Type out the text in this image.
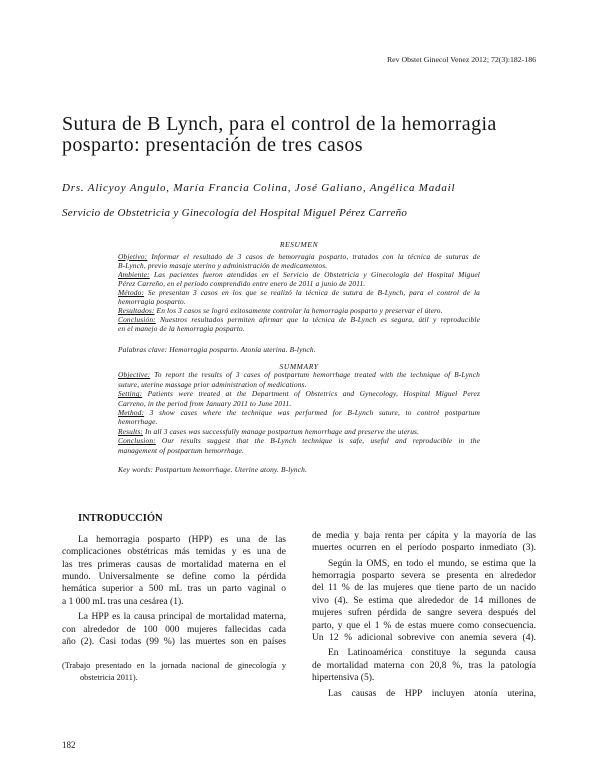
Rev Obstet Ginecol Venez 2012; 72(3):182-186
Sutura de B Lynch, para el control de la hemorragia
posparto: presentación de tres casos
Drs. Alicyoy Angulo, María Francia Colina, José Galiano, Angélica Madail
Servicio de Obstetricia y Ginecología del Hospital Miguel Pérez Carreño
RESUMEN
Objetivo: Informar el resultado de 3 casos de hemorragia posparto, tratados con la técnica de suturas de
B-Lynch, previo masaje uterino y administración de medicamentos.
Ambiente: Las pacientes fueron atendidas en el Servicio de Obstetricia y Ginecología del Hospital Miguel
Pérez Carreño, en el período comprendido entre enero de 2011 a junio de 2011.
Método: Se presentan 3 casos en los que se realizó la técnica de sutura de B-Lynch, para el control de la
hemorragia posparto.
Resultados: En los 3 casos se logró exitosamente controlar la hemorragia posparto y preservar el útero.
Conclusión: Nuestros resultados permiten afirmar que la técnica de B-Lynch es segura, útil y reproducible
en el manejo de la hemorragia posparto.
Palabras clave: Hemorragia posparto. Atonía uterina. B-lynch.
SUMMARY
Objective: To report the results of 3 cases of postpartum hemorrhage treated with the technique of B-Lynch
suture, uterine massage prior administration of medications.
Setting: Patients were treated at the Department of Obstetrics and Gynecology, Hospital Miguel Perez
Carreno, in the period from January 2011 to June 2011.
Method: 3 show cases where the technique was performed for B-Lynch suture, to control postpartum
hemorrhage.
Results: In all 3 cases was successfully manage postpartum hemorrhage and preserve the uterus.
Conclusion: Our results suggest that the B-Lynch technique is safe, useful and reproducible in the
management of postpartum hemorrhage.
Key words: Postpartum hemorrhage. Uterine atony. B-lynch.
INTRODUCCIÓN
La hemorragia posparto (HPP) es una de las
complicaciones obstétricas más temidas y es una de
las tres primeras causas de mortalidad materna en el
mundo. Universalmente se define como la pérdida
hemática superior a 500 mL tras un parto vaginal o
a 1 000 mL tras una cesárea (1).
La HPP es la causa principal de mortalidad materna,
con alrededor de 100 000 mujeres fallecidas cada
año (2). Casi todas (99 %) las muertes son en países
de media y baja renta per cápita y la mayoría de las
muertes ocurren en el período posparto inmediato (3).
Según la OMS, en todo el mundo, se estima que la
hemorragia posparto severa se presenta en alrededor
del 11 % de las mujeres que tiene parto de un nacido
vivo (4). Se estima que alrededor de 14 millones de
mujeres sufren pérdida de sangre severa después del
parto, y que el 1 % de estas muere como consecuencia.
Un 12 % adicional sobrevive con anemia severa (4).
En Latinoamérica constituye la segunda causa
de mortalidad materna con 20,8 %, tras la patología
hipertensiva (5).
Las causas de HPP incluyen atonía uterina,
(Trabajo presentado en la jornada nacional de ginecología y
obstetricia 2011).
182
